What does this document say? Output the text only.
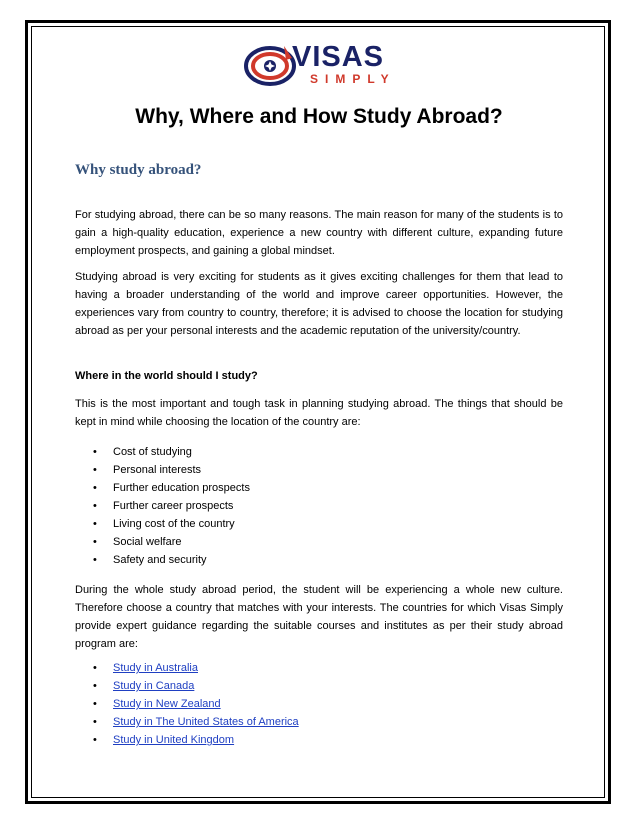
VISAS
SIMPLY
Why, Where and How Study Abroad?
Why study abroad?
For studying abroad, there can be so many reasons. The main reason for many of the students is to gain a high-quality education, experience a new country with different culture, expanding future employment prospects, and gaining a global mindset.
Studying abroad is very exciting for students as it gives exciting challenges for them that lead to having a broader understanding of the world and improve career opportunities. However, the experiences vary from country to country, therefore; it is advised to choose the location for studying abroad as per your personal interests and the academic reputation of the university/country.
Where in the world should I study?
This is the most important and tough task in planning studying abroad. The things that should be kept in mind while choosing the location of the country are:
• Cost of studying
• Personal interests
• Further education prospects
• Further career prospects
• Living cost of the country
• Social welfare
• Safety and security
During the whole study abroad period, the student will be experiencing a whole new culture. Therefore choose a country that matches with your interests. The countries for which Visas Simply provide expert guidance regarding the suitable courses and institutes as per their study abroad program are:
• Study in Australia
• Study in Canada
• Study in New Zealand
• Study in The United States of America
• Study in United Kingdom
